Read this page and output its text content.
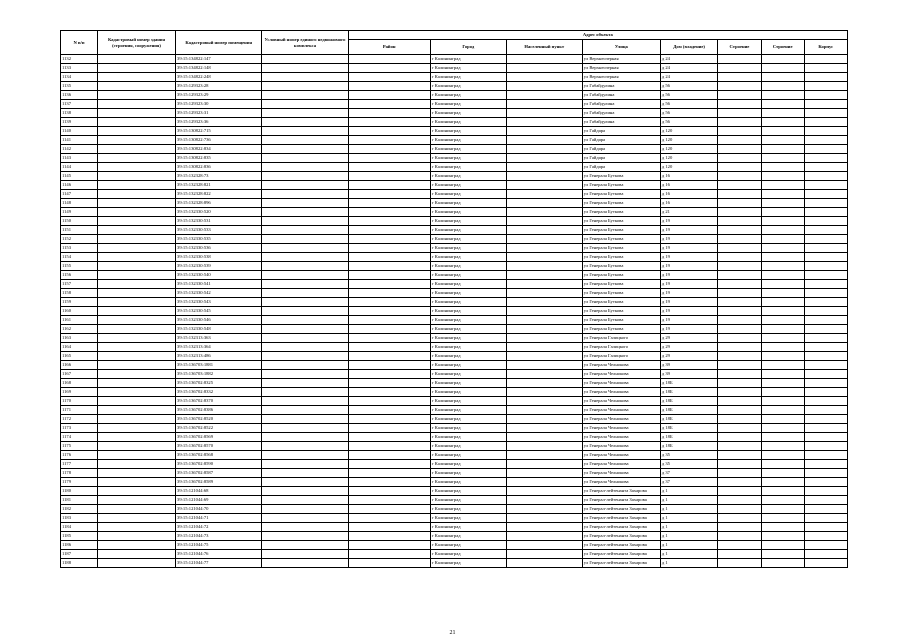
N п/п	Кадастровый номер здания (строения, сооружения)	Кадастровый номер помещения	Условный номер единого недвижимого комплекса	Адрес объекта							
				Район	Город	Населенный пункт	Улица	Дом (владение)	Строение	Строение	Корпус
1132		39:15:134822:147			г Калининград		ул Верхнеозерная	д 24			
1133		39:15:134822:148			г Калининград		ул Верхнеозерная	д 24			
1134		39:15:134822:248			г Калининград		ул Верхнеозерная	д 24			
1135		39:15:129323:28			г Калининград		ул Габайдулина	д 56			
1136		39:15:129323:29			г Калининград		ул Габайдулина	д 56			
1137		39:15:129323:30			г Калининград		ул Габайдулина	д 56			
1138		39:15:129323:31			г Калининград		ул Габайдулина	д 56			
1139		39:15:129323:36			г Калининград		ул Габайдулина	д 56			
1140		39:15:130822:715			г Калининград		ул Гайдара	д 120			
1141		39:15:130822:736			г Калининград		ул Гайдара	д 120			
1142		39:15:130822:834			г Калининград		ул Гайдара	д 120			
1143		39:15:130822:835			г Калининград		ул Гайдара	д 120			
1144		39:15:130822:836			г Калининград		ул Гайдара	д 120			
1145		39:15:132328:73			г Калининград		ул Генерала Бутковa	д 16			
1146		39:15:132328:821			г Калининград		ул Генерала Бутковa	д 16			
1147		39:15:132328:822			г Калининград		ул Генерала Бутковa	д 16			
1148		39:15:132328:896			г Калининград		ул Генерала Бутковa	д 16			
1149		39:15:132330:520			г Калининград		ул Генерала Бутковa	д 21			
1150		39:15:132330:531			г Калининград		ул Генерала Бутковa	д 19			
1151		39:15:132330:533			г Калининград		ул Генерала Бутковa	д 19			
1152		39:15:132330:535			г Калининград		ул Генерала Бутковa	д 19			
1153		39:15:132330:536			г Калининград		ул Генерала Бутковa	д 19			
1154		39:15:132330:538			г Калининград		ул Генерала Бутковa	д 19			
1155		39:15:132330:539			г Калининград		ул Генерала Бутковa	д 19			
1156		39:15:132330:540			г Калининград		ул Генерала Бутковa	д 19			
1157		39:15:132330:541			г Калининград		ул Генерала Бутковa	д 19			
1158		39:15:132330:542			г Калининград		ул Генерала Бутковa	д 19			
1159		39:15:132330:543			г Калининград		ул Генерала Бутковa	д 19			
1160		39:15:132330:545			г Калининград		ул Генерала Бутковa	д 19			
1161		39:15:132330:546			г Калининград		ул Генерала Бутковa	д 19			
1162		39:15:132330:548			г Калининград		ул Генерала Бутковa	д 19			
1163		39:15:132313:363			г Калининград		ул Генерала Галицкого	д 29			
1164		39:15:132313:364			г Калининград		ул Генерала Галицкого	д 29			
1165		39:15:132313:486			г Калининград		ул Генерала Галицкого	д 29			
1166		39:15:136703:1881			г Калининград		ул Генерала Челнокова	д 39			
1167		39:15:136703:1882			г Калининград		ул Генерала Челнокова	д 39			
1168		39:15:136702:8325			г Калининград		ул Генерала Челнокова	д 18Б			
1169		39:15:136702:8332			г Калининград		ул Генерала Челнокова	д 18Б			
1170		39:15:136702:8370			г Калининград		ул Генерала Челнокова	д 18Б			
1171		39:15:136702:8386			г Калининград		ул Генерала Челнокова	д 18Б			
1172		39:15:136702:8520			г Калининград		ул Генерала Челнокова	д 18Б			
1173		39:15:136702:8522			г Калининград		ул Генерала Челнокова	д 18Б			
1174		39:15:136702:8569			г Калининград		ул Генерала Челнокова	д 18Б			
1175		39:15:136702:8570			г Калининград		ул Генерала Челнокова	д 18Б			
1176		39:15:136702:8568			г Калининград		ул Генерала Челнокова	д 35			
1177		39:15:136702:8590			г Калининград		ул Генерала Челнокова	д 35			
1178		39:15:136702:8587			г Калининград		ул Генерала Челнокова	д 37			
1179		39:15:136702:8589			г Калининград		ул Генерала Челнокова	д 37			
1180		39:15:121044:68			г Калининград		ул Генерал-лейтенанта Захарова	д 1			
1181		39:15:121044:69			г Калининград		ул Генерал-лейтенанта Захарова	д 1			
1182		39:15:121044:70			г Калининград		ул Генерал-лейтенанта Захарова	д 1			
1183		39:15:121044:71			г Калининград		ул Генерал-лейтенанта Захарова	д 1			
1184		39:15:121044:72			г Калининград		ул Генерал-лейтенанта Захарова	д 1			
1185		39:15:121044:73			г Калининград		ул Генерал-лейтенанта Захарова	д 1			
1186		39:15:121044:75			г Калининград		ул Генерал-лейтенанта Захарова	д 1			
1187		39:15:121044:76			г Калининград		ул Генерал-лейтенанта Захарова	д 1			
1188		39:15:121044:77			г Калининград		ул Генерал-лейтенанта Захарова	д 1			
21
